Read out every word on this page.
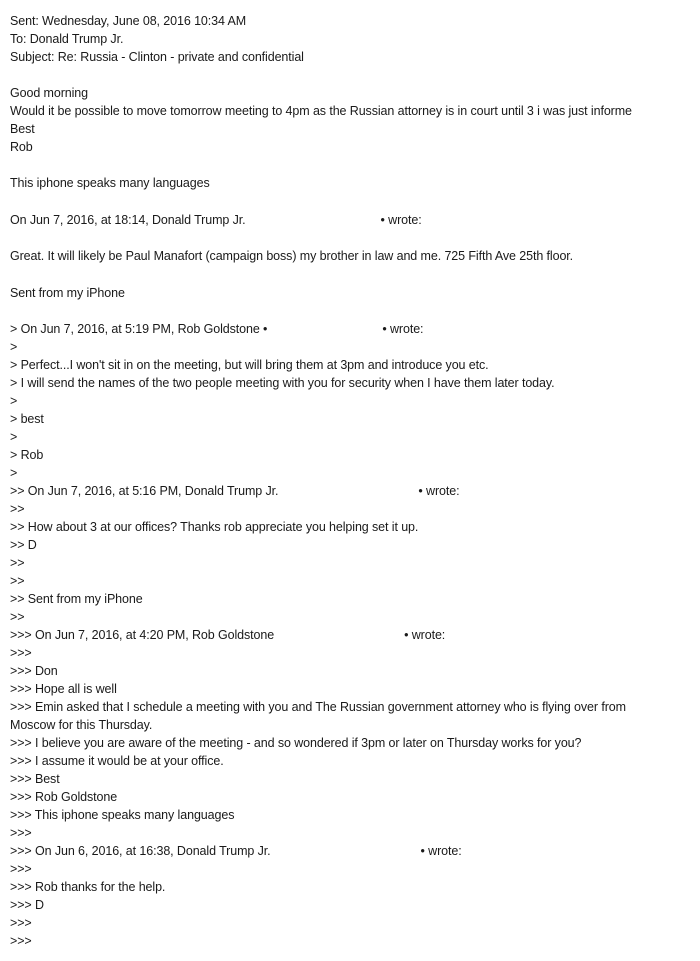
Sent: Wednesday, June 08, 2016 10:34 AM
To: Donald Trump Jr.
Subject: Re: Russia - Clinton - private and confidential
Good morning
Would it be possible to move tomorrow meeting to 4pm as the Russian attorney is in court until 3 i was just informe
Best
Rob
This iphone speaks many languages
On Jun 7, 2016, at 18:14, Donald Trump Jr.	• wrote:
Great. It will likely be Paul Manafort (campaign boss) my brother in law and me. 725 Fifth Ave 25th floor.
Sent from my iPhone
> On Jun 7, 2016, at 5:19 PM, Rob Goldstone •	• wrote:
>
> Perfect...I won't sit in on the meeting, but will bring them at 3pm and introduce you etc.
> I will send the names of the two people meeting with you for security when I have them later today.
>
> best
>
> Rob
>
>> On Jun 7, 2016, at 5:16 PM, Donald Trump Jr.	• wrote:
>>
>> How about 3 at our offices? Thanks rob appreciate you helping set it up.
>> D
>>
>>
>> Sent from my iPhone
>>
>>> On Jun 7, 2016, at 4:20 PM, Rob Goldstone	• wrote:
>>>
>>> Don
>>> Hope all is well
>>> Emin asked that I schedule a meeting with you and The Russian government attorney who is flying over from
Moscow for this Thursday.
>>> I believe you are aware of the meeting - and so wondered if 3pm or later on Thursday works for you?
>>> I assume it would be at your office.
>>> Best
>>> Rob Goldstone
>>> This iphone speaks many languages
>>>
>>> On Jun 6, 2016, at 16:38, Donald Trump Jr.	• wrote:
>>>
>>> Rob thanks for the help.
>>> D
>>>
>>>
